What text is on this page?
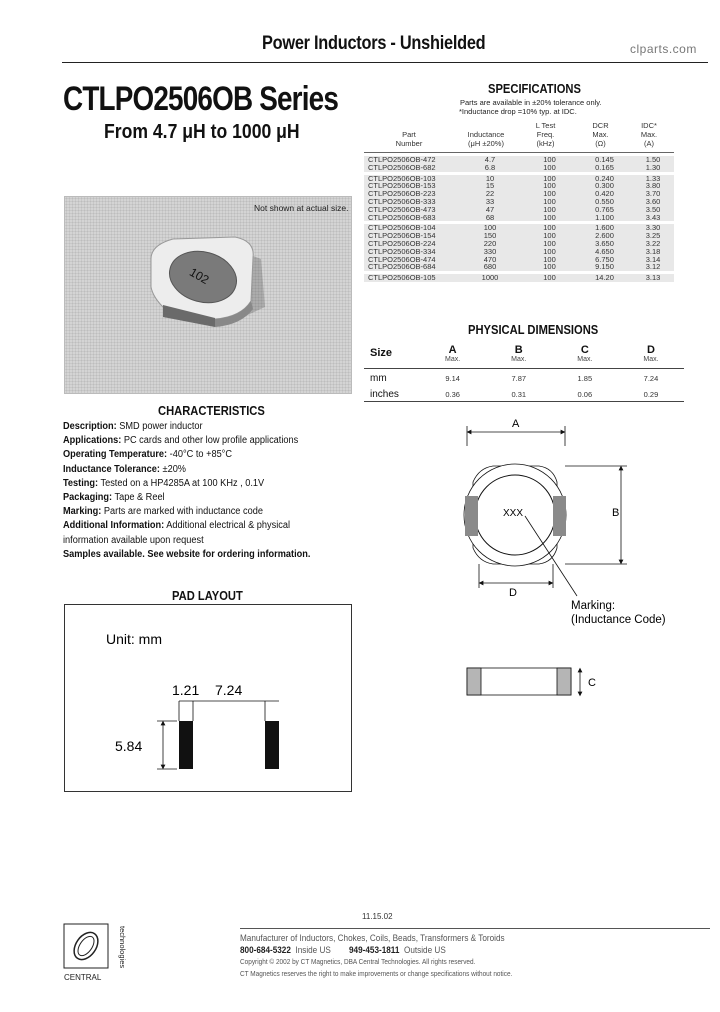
Power Inductors - Unshielded	clparts.com
CTLPO2506OB Series
From 4.7 μH to 1000 μH
102
Not shown at actual size.
SPECIFICATIONS
Parts are available in ±20% tolerance only.
*Inductance drop =10% typ. at IDC.
Part
Number
Inductance
(μH ±20%)
L Test
Freq.
(kHz)
DCR
Max.
(Ω)
IDC*
Max.
(A)
CTLPO2506OB-472	4.7	100	0.145	1.50
CTLPO2506OB-682	6.8	100	0.165	1.30
CTLPO2506OB-103	10	100	0.240	1.33
CTLPO2506OB-153	15	100	0.300	3.80
CTLPO2506OB-223	22	100	0.420	3.70
CTLPO2506OB-333	33	100	0.550	3.60
CTLPO2506OB-473	47	100	0.765	3.50
CTLPO2506OB-683	68	100	1.100	3.43
CTLPO2506OB-104	100	100	1.600	3.30
CTLPO2506OB-154	150	100	2.600	3.25
CTLPO2506OB-224	220	100	3.650	3.22
CTLPO2506OB-334	330	100	4.650	3.18
CTLPO2506OB-474	470	100	6.750	3.14
CTLPO2506OB-684	680	100	9.150	3.12
CTLPO2506OB-105	1000	100	14.20	3.13
PHYSICAL DIMENSIONS
Size	A
Max.
B
Max.
C
Max.
D
Max.
mm	9.14	7.87	1.85	7.24
inches	0.36	0.31	0.06	0.29
A
XXX	B
D
Marking:
(Inductance Code)
C
CHARACTERISTICS

Description: SMD power inductor

Applications: PC cards and other low profile applications

Operating Temperature: -40°C to +85°C

Inductance Tolerance: ±20%

Testing: Tested on a HP4285A at 100 KHz , 0.1V

Packaging: Tape & Reel

Marking: Parts are marked with inductance code

Additional Information: Additional electrical & physical

information available upon request

Samples available. See website for ordering information.

PAD LAYOUT
Unit: mm
1.21 7.24
5.84
11.15.02
CENTRAL
technologies	Manufacturer of Inductors, Chokes, Coils, Beads, Transformers & Toroids

800-684-5322 Inside US 949-453-1811 Outside US

Copyright © 2002 by CT Magnetics, DBA Central Technologies. All rights reserved.

CT Magnetics reserves the right to make improvements or change specifications without notice.
